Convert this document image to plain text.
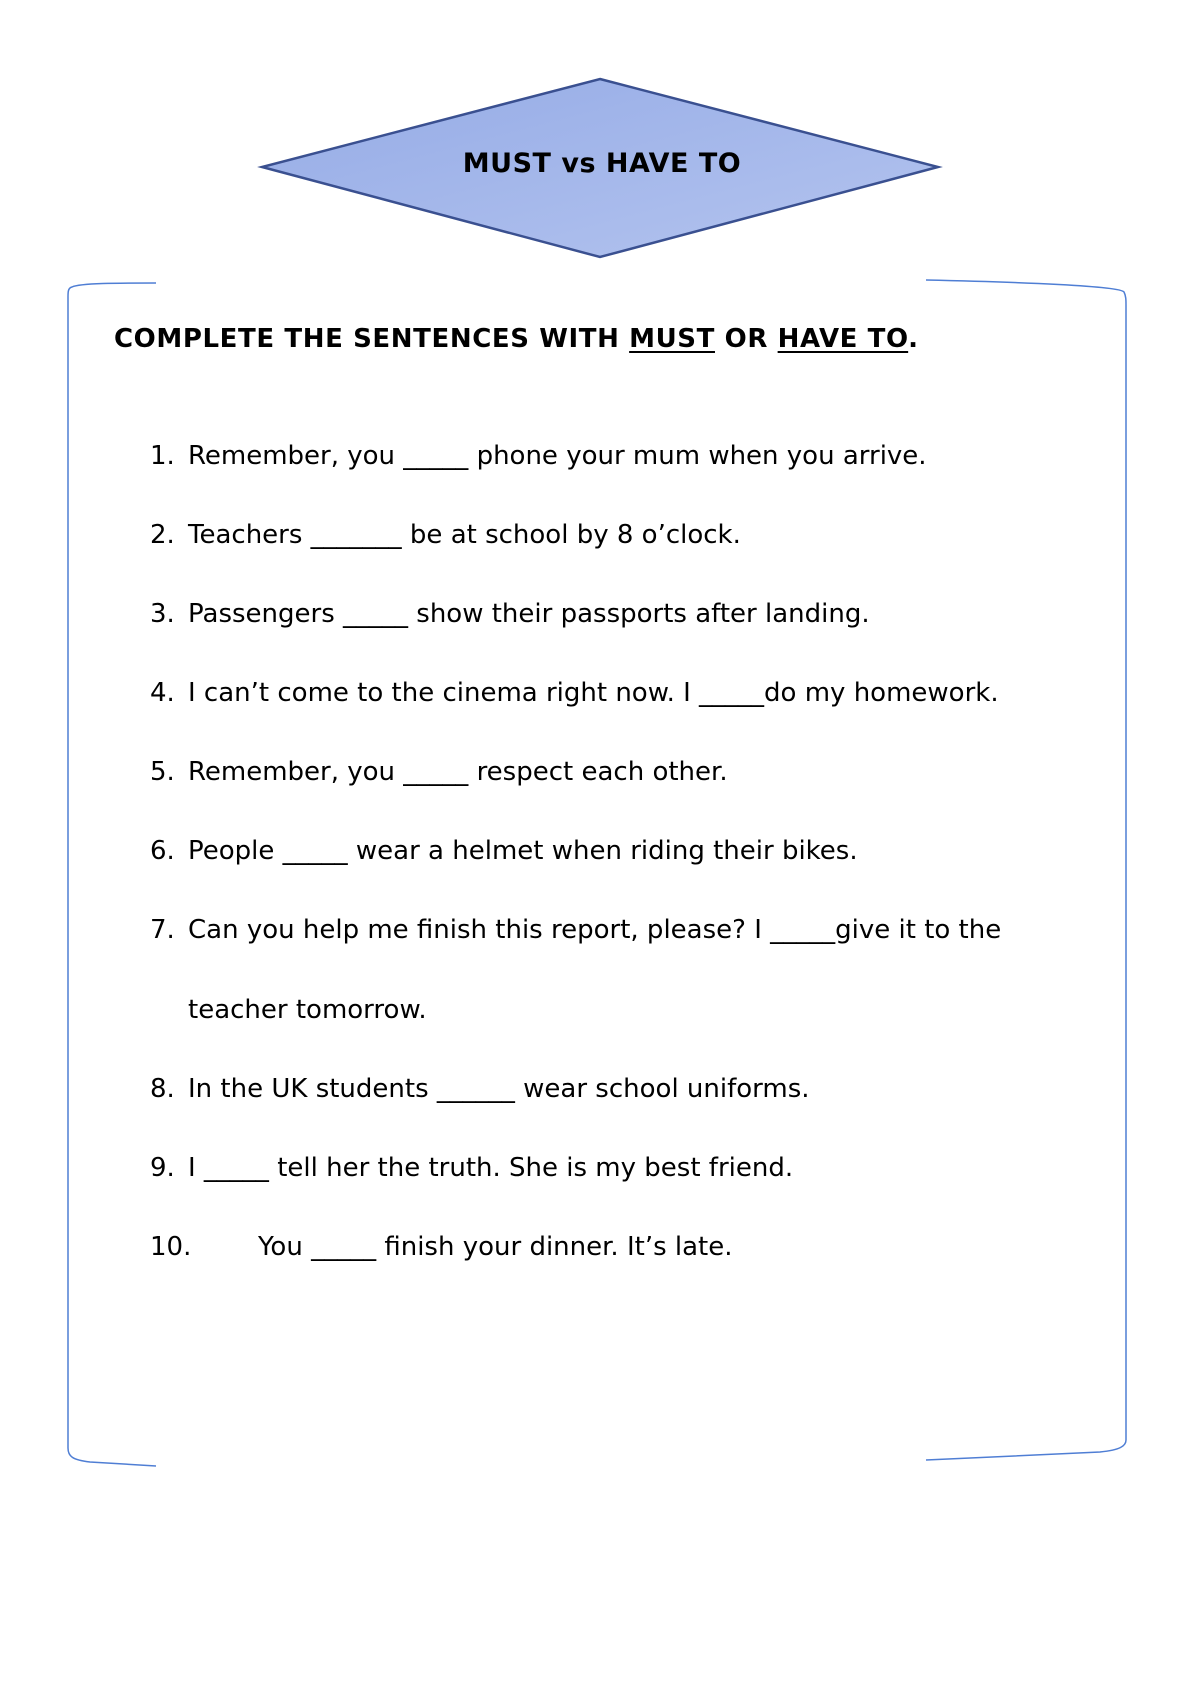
MUST vs HAVE TO
COMPLETE THE SENTENCES WITH MUST OR HAVE TO.
1. Remember, you _____ phone your mum when you arrive.
2. Teachers _______ be at school by 8 o’clock.
3. Passengers _____ show their passports after landing.
4. I can’t come to the cinema right now. I _____do my homework.
5. Remember, you _____ respect each other.
6. People _____ wear a helmet when riding their bikes.
7. Can you help me finish this report, please? I _____give it to the
teacher tomorrow.
8. In the UK students ______ wear school uniforms.
9. I _____ tell her the truth. She is my best friend.
10.	You _____ finish your dinner. It’s late.
